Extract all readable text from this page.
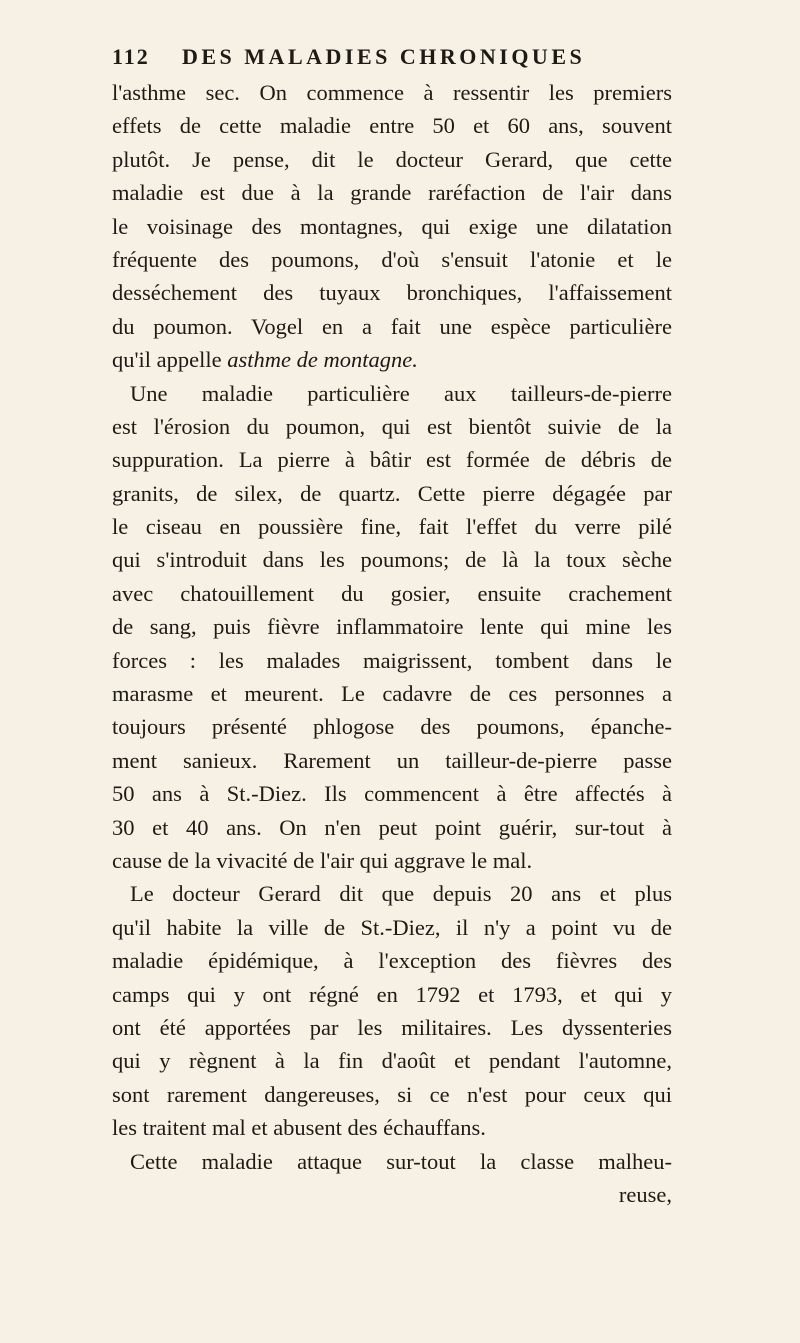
112 DES MALADIES CHRONIQUES
l'asthme sec. On commence à ressentir les premiers
effets de cette maladie entre 50 et 60 ans, souvent
plutôt. Je pense, dit le docteur Gerard, que cette
maladie est due à la grande raréfaction de l'air dans
le voisinage des montagnes, qui exige une dilatation
fréquente des poumons, d'où s'ensuit l'atonie et le
desséchement des tuyaux bronchiques, l'affaissement
du poumon. Vogel en a fait une espèce particulière
qu'il appelle asthme de montagne.
Une maladie particulière aux tailleurs-de-pierre
est l'érosion du poumon, qui est bientôt suivie de la
suppuration. La pierre à bâtir est formée de débris de
granits, de silex, de quartz. Cette pierre dégagée par
le ciseau en poussière fine, fait l'effet du verre pilé
qui s'introduit dans les poumons; de là la toux sèche
avec chatouillement du gosier, ensuite crachement
de sang, puis fièvre inflammatoire lente qui mine les
forces : les malades maigrissent, tombent dans le
marasme et meurent. Le cadavre de ces personnes a
toujours présenté phlogose des poumons, épanche-
ment sanieux. Rarement un tailleur-de-pierre passe
50 ans à St.-Diez. Ils commencent à être affectés à
30 et 40 ans. On n'en peut point guérir, sur-tout à
cause de la vivacité de l'air qui aggrave le mal.
Le docteur Gerard dit que depuis 20 ans et plus
qu'il habite la ville de St.-Diez, il n'y a point vu de
maladie épidémique, à l'exception des fièvres des
camps qui y ont régné en 1792 et 1793, et qui y
ont été apportées par les militaires. Les dyssenteries
qui y règnent à la fin d'août et pendant l'automne,
sont rarement dangereuses, si ce n'est pour ceux qui
les traitent mal et abusent des échauffans.
Cette maladie attaque sur-tout la classe malheu-
reuse,
